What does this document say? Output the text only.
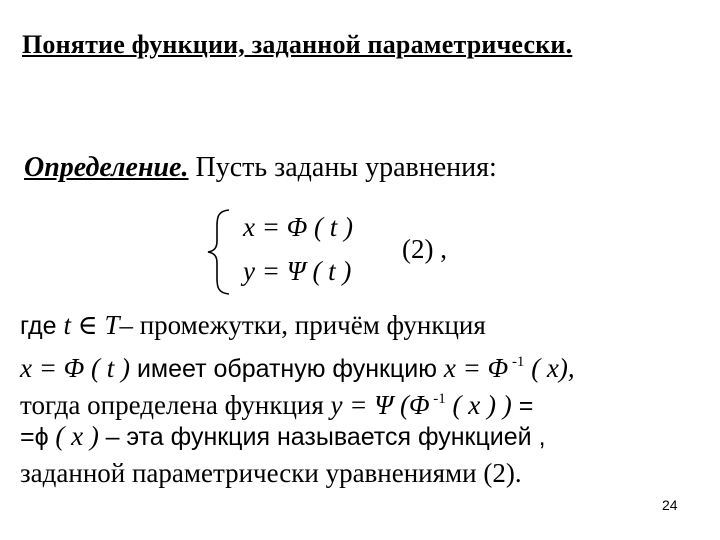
Понятие функции, заданной параметрически.
Определение. Пусть заданы уравнения:
x = Φ ( t )
y = Ψ ( t )
(2) ,
где t ∈ T– промежутки, причём функция
x = Φ ( t ) имеет обратную функцию x = Φ $^{-1}$ ( x),
тогда определена функция y = Ψ (Φ $^{-1}$ ( x ) ) =
=ϕ ( x ) – эта функция называется функцией ,
заданной параметрически уравнениями (2).
24
